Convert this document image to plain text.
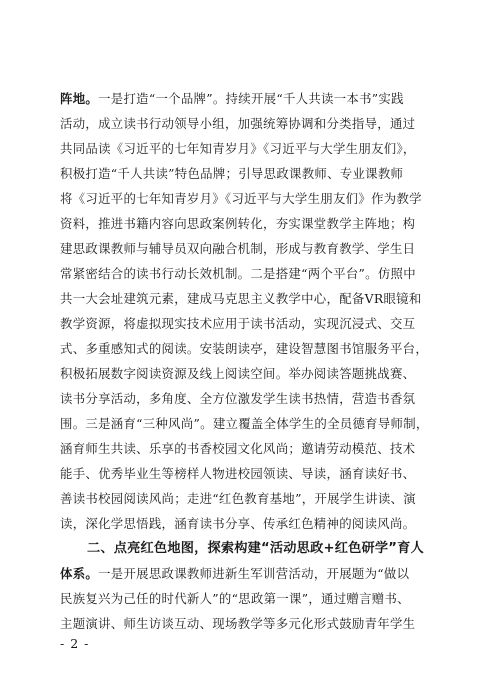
阵地。一是打造“一个品牌”。持续开展“千人共读一本书”实践
活动，成立读书行动领导小组，加强统筹协调和分类指导，通过
共同品读《习近平的七年知青岁月》《习近平与大学生朋友们》，
积极打造“千人共读”特色品牌；引导思政课教师、专业课教师
将《习近平的七年知青岁月》《习近平与大学生朋友们》作为教学
资料，推进书籍内容向思政案例转化，夯实课堂教学主阵地；构
建思政课教师与辅导员双向融合机制，形成与教育教学、学生日
常紧密结合的读书行动长效机制。二是搭建“两个平台”。仿照中
共一大会址建筑元素，建成马克思主义教学中心，配备VR眼镜和
教学资源，将虚拟现实技术应用于读书活动，实现沉浸式、交互
式、多重感知式的阅读。安装朗读亭，建设智慧图书馆服务平台，
积极拓展数字阅读资源及线上阅读空间。举办阅读答题挑战赛、
读书分享活动，多角度、全方位激发学生读书热情，营造书香氛
围。三是涵育“三种风尚”。建立覆盖全体学生的全员德育导师制，
涵育师生共读、乐享的书香校园文化风尚；邀请劳动模范、技术
能手、优秀毕业生等榜样人物进校园领读、导读，涵育读好书、
善读书校园阅读风尚；走进“红色教育基地”，开展学生讲读、演
读，深化学思悟践，涵育读书分享、传承红色精神的阅读风尚。
二、点亮红色地图，探索构建“活动思政+红色研学”育人
体系。一是开展思政课教师进新生军训营活动，开展题为“做以
民族复兴为己任的时代新人”的“思政第一课”，通过赠言赠书、
主题演讲、师生访谈互动、现场教学等多元化形式鼓励青年学生
- 2 -
